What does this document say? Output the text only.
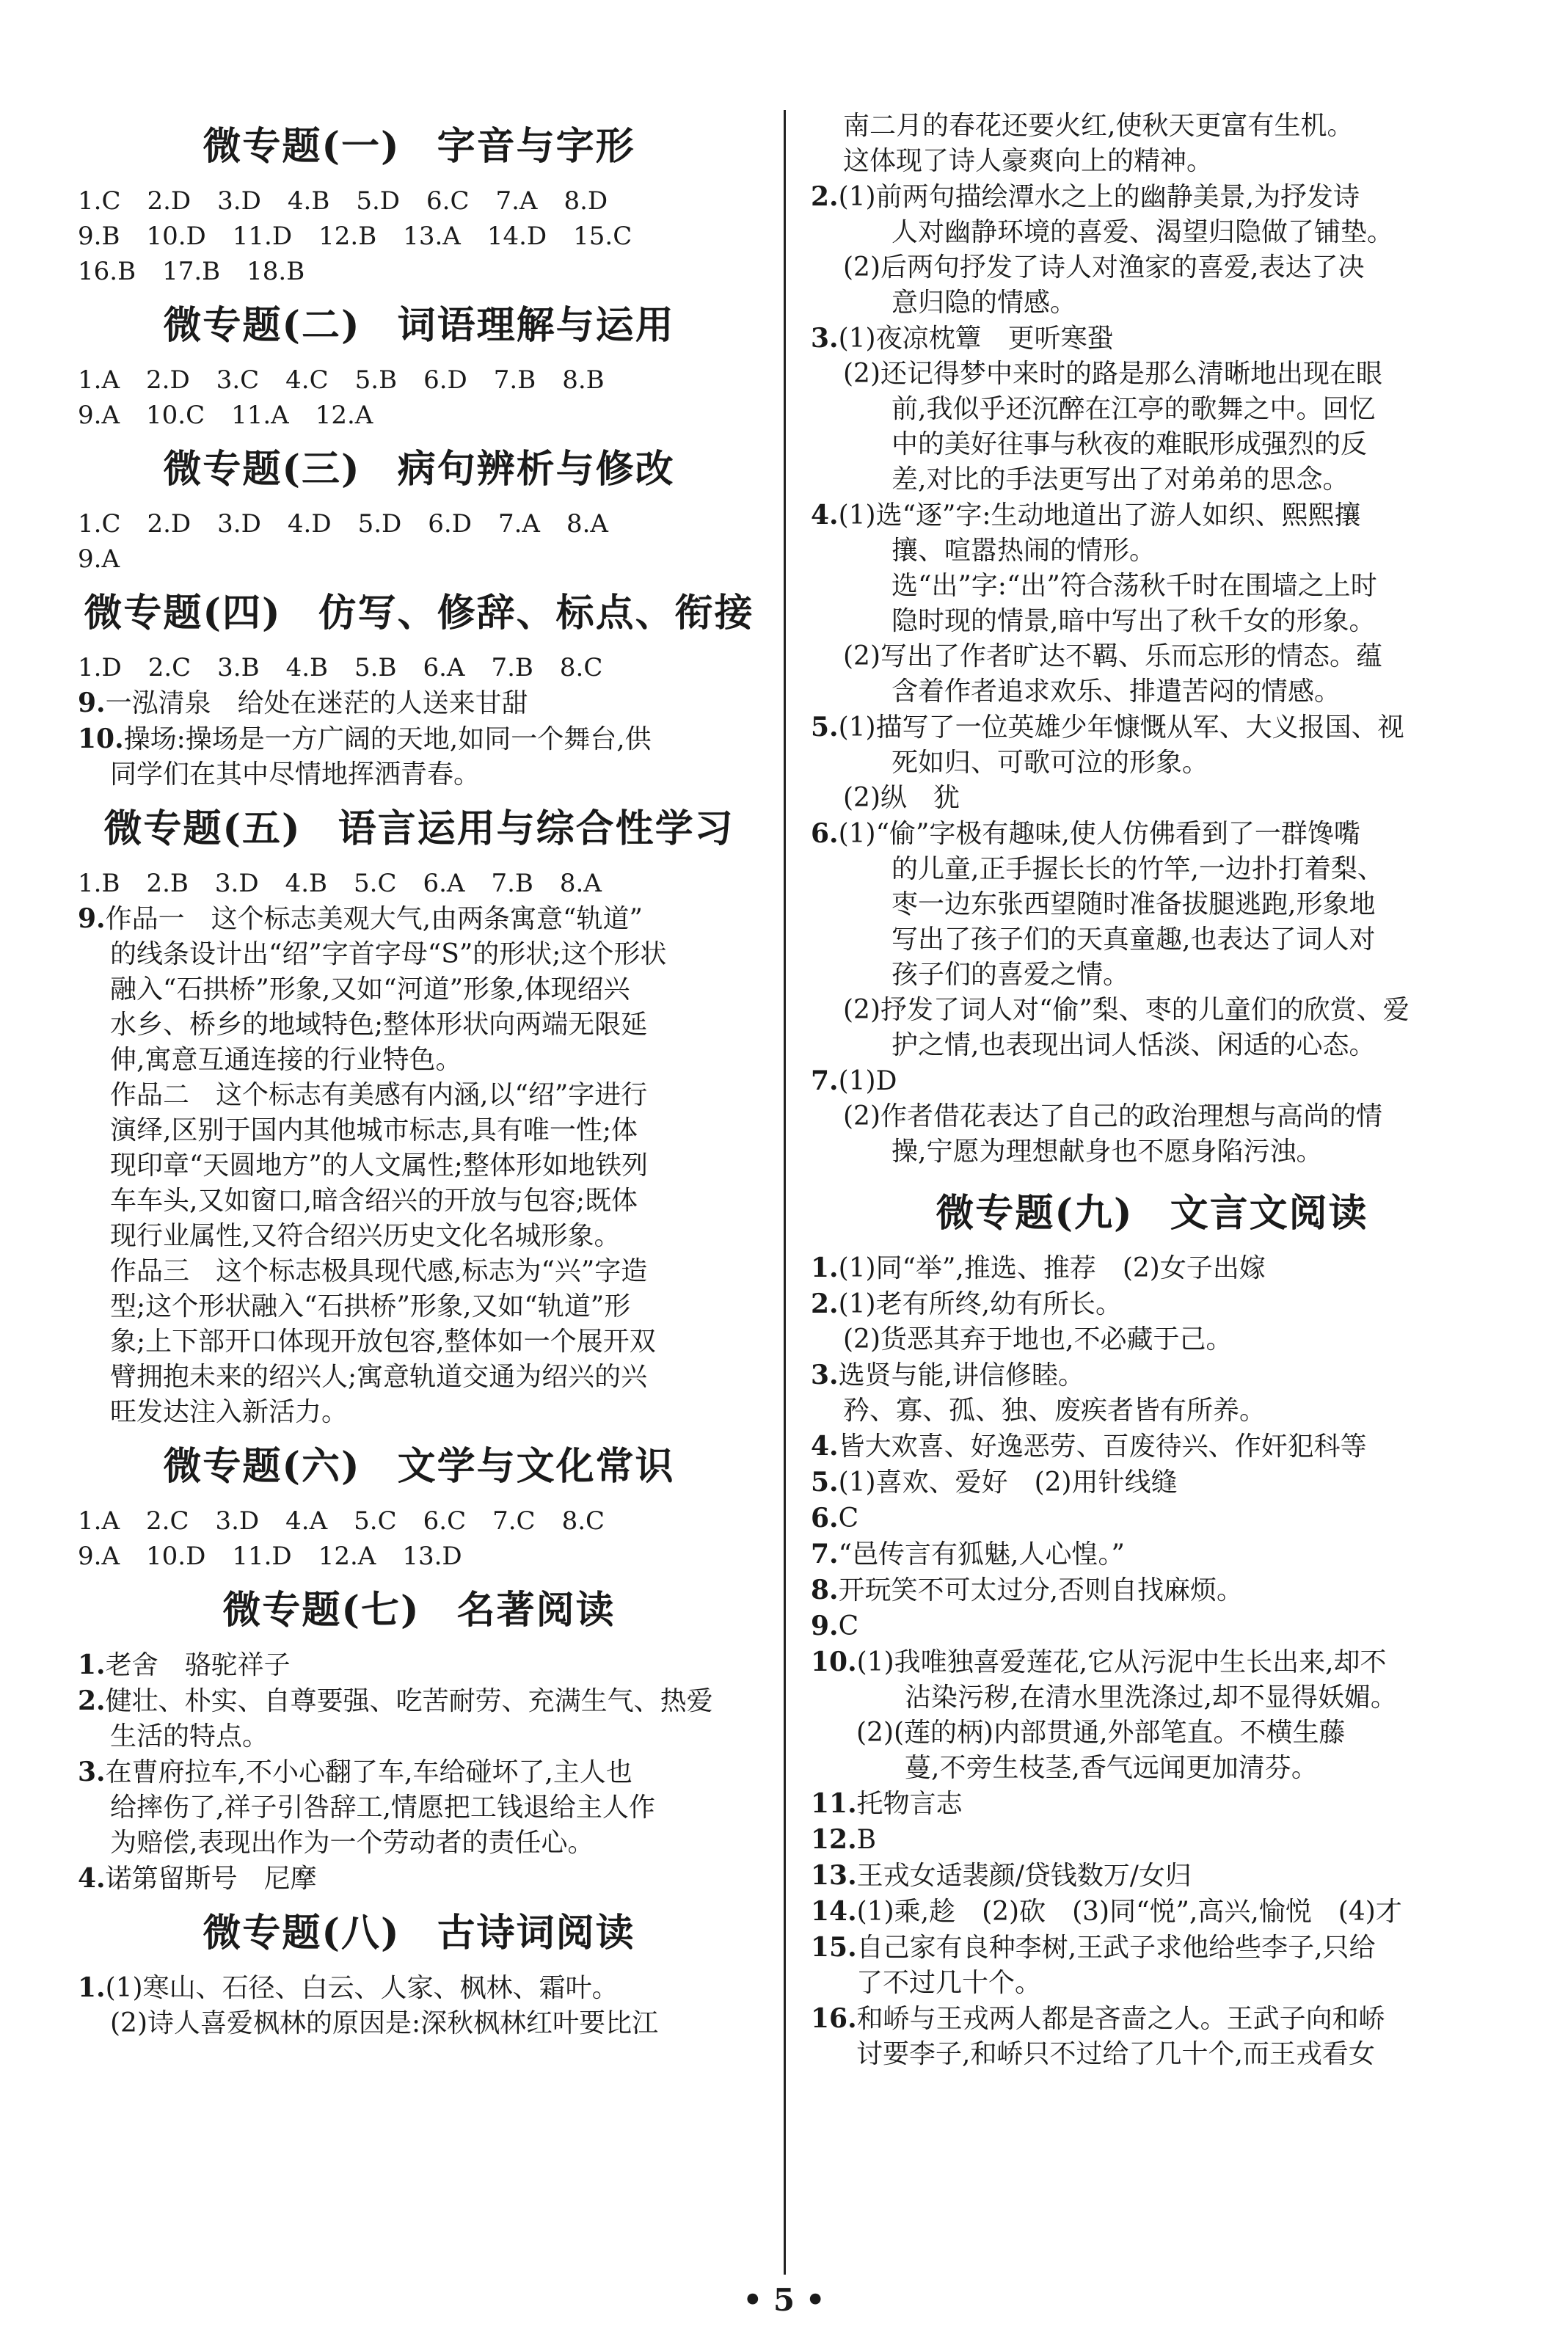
微专题(一) 字音与字形
1.C 2.D 3.D 4.B 5.D 6.C 7.A 8.D
9.B 10.D 11.D 12.B 13.A 14.D 15.C
16.B 17.B 18.B
微专题(二) 词语理解与运用
1.A 2.D 3.C 4.C 5.B 6.D 7.B 8.B
9.A 10.C 11.A 12.A
微专题(三) 病句辨析与修改
1.C 2.D 3.D 4.D 5.D 6.D 7.A 8.A
9.A
微专题(四) 仿写、修辞、标点、衔接
1.D 2.C 3.B 4.B 5.B 6.A 7.B 8.C
9.一泓清泉 给处在迷茫的人送来甘甜
10.操场:操场是一方广阔的天地,如同一个舞台,供
同学们在其中尽情地挥洒青春。
微专题(五) 语言运用与综合性学习
1.B 2.B 3.D 4.B 5.C 6.A 7.B 8.A
9.作品一　这个标志美观大气,由两条寓意“轨道”
的线条设计出“绍”字首字母“S”的形状;这个形状
融入“石拱桥”形象,又如“河道”形象,体现绍兴
水乡、桥乡的地域特色;整体形状向两端无限延
伸,寓意互通连接的行业特色。
作品二　这个标志有美感有内涵,以“绍”字进行
演绎,区别于国内其他城市标志,具有唯一性;体
现印章“天圆地方”的人文属性;整体形如地铁列
车车头,又如窗口,暗含绍兴的开放与包容;既体
现行业属性,又符合绍兴历史文化名城形象。
作品三　这个标志极具现代感,标志为“兴”字造
型;这个形状融入“石拱桥”形象,又如“轨道”形
象;上下部开口体现开放包容,整体如一个展开双
臂拥抱未来的绍兴人;寓意轨道交通为绍兴的兴
旺发达注入新活力。
微专题(六) 文学与文化常识
1.A 2.C 3.D 4.A 5.C 6.C 7.C 8.C
9.A 10.D 11.D 12.A 13.D
微专题(七) 名著阅读
1.老舍 骆驼祥子
2.健壮、朴实、自尊要强、吃苦耐劳、充满生气、热爱
生活的特点。
3.在曹府拉车,不小心翻了车,车给碰坏了,主人也
给摔伤了,祥子引咎辞工,情愿把工钱退给主人作
为赔偿,表现出作为一个劳动者的责任心。
4.诺第留斯号 尼摩
微专题(八) 古诗词阅读
1.(1)寒山、石径、白云、人家、枫林、霜叶。
(2)诗人喜爱枫林的原因是:深秋枫林红叶要比江
南二月的春花还要火红,使秋天更富有生机。
这体现了诗人豪爽向上的精神。
2.(1)前两句描绘潭水之上的幽静美景,为抒发诗
人对幽静环境的喜爱、渴望归隐做了铺垫。
(2)后两句抒发了诗人对渔家的喜爱,表达了决
意归隐的情感。
3.(1)夜凉枕簟 更听寒蛩
(2)还记得梦中来时的路是那么清晰地出现在眼
前,我似乎还沉醉在江亭的歌舞之中。回忆
中的美好往事与秋夜的难眠形成强烈的反
差,对比的手法更写出了对弟弟的思念。
4.(1)选“逐”字:生动地道出了游人如织、熙熙攘
攘、喧嚣热闹的情形。
选“出”字:“出”符合荡秋千时在围墙之上时
隐时现的情景,暗中写出了秋千女的形象。
(2)写出了作者旷达不羁、乐而忘形的情态。蕴
含着作者追求欢乐、排遣苦闷的情感。
5.(1)描写了一位英雄少年慷慨从军、大义报国、视
死如归、可歌可泣的形象。
(2)纵 犹
6.(1)“偷”字极有趣味,使人仿佛看到了一群馋嘴
的儿童,正手握长长的竹竿,一边扑打着梨、
枣一边东张西望随时准备拔腿逃跑,形象地
写出了孩子们的天真童趣,也表达了词人对
孩子们的喜爱之情。
(2)抒发了词人对“偷”梨、枣的儿童们的欣赏、爱
护之情,也表现出词人恬淡、闲适的心态。
7.(1)D
(2)作者借花表达了自己的政治理想与高尚的情
操,宁愿为理想献身也不愿身陷污浊。
微专题(九) 文言文阅读
1.(1)同“举”,推选、推荐 (2)女子出嫁
2.(1)老有所终,幼有所长。
(2)货恶其弃于地也,不必藏于己。
3.选贤与能,讲信修睦。
矜、寡、孤、独、废疾者皆有所养。
4.皆大欢喜、好逸恶劳、百废待兴、作奸犯科等
5.(1)喜欢、爱好 (2)用针线缝
6.C
7.“邑传言有狐魅,人心惶。”
8.开玩笑不可太过分,否则自找麻烦。
9.C
10.(1)我唯独喜爱莲花,它从污泥中生长出来,却不
沾染污秽,在清水里洗涤过,却不显得妖媚。
(2)(莲的柄)内部贯通,外部笔直。不横生藤
蔓,不旁生枝茎,香气远闻更加清芬。
11.托物言志
12.B
13.王戎女适裴颜/贷钱数万/女归
14.(1)乘,趁 (2)砍 (3)同“悦”,高兴,愉悦 (4)才
15.自己家有良种李树,王武子求他给些李子,只给
了不过几十个。
16.和峤与王戎两人都是吝啬之人。王武子向和峤
讨要李子,和峤只不过给了几十个,而王戎看女
• 5 •
